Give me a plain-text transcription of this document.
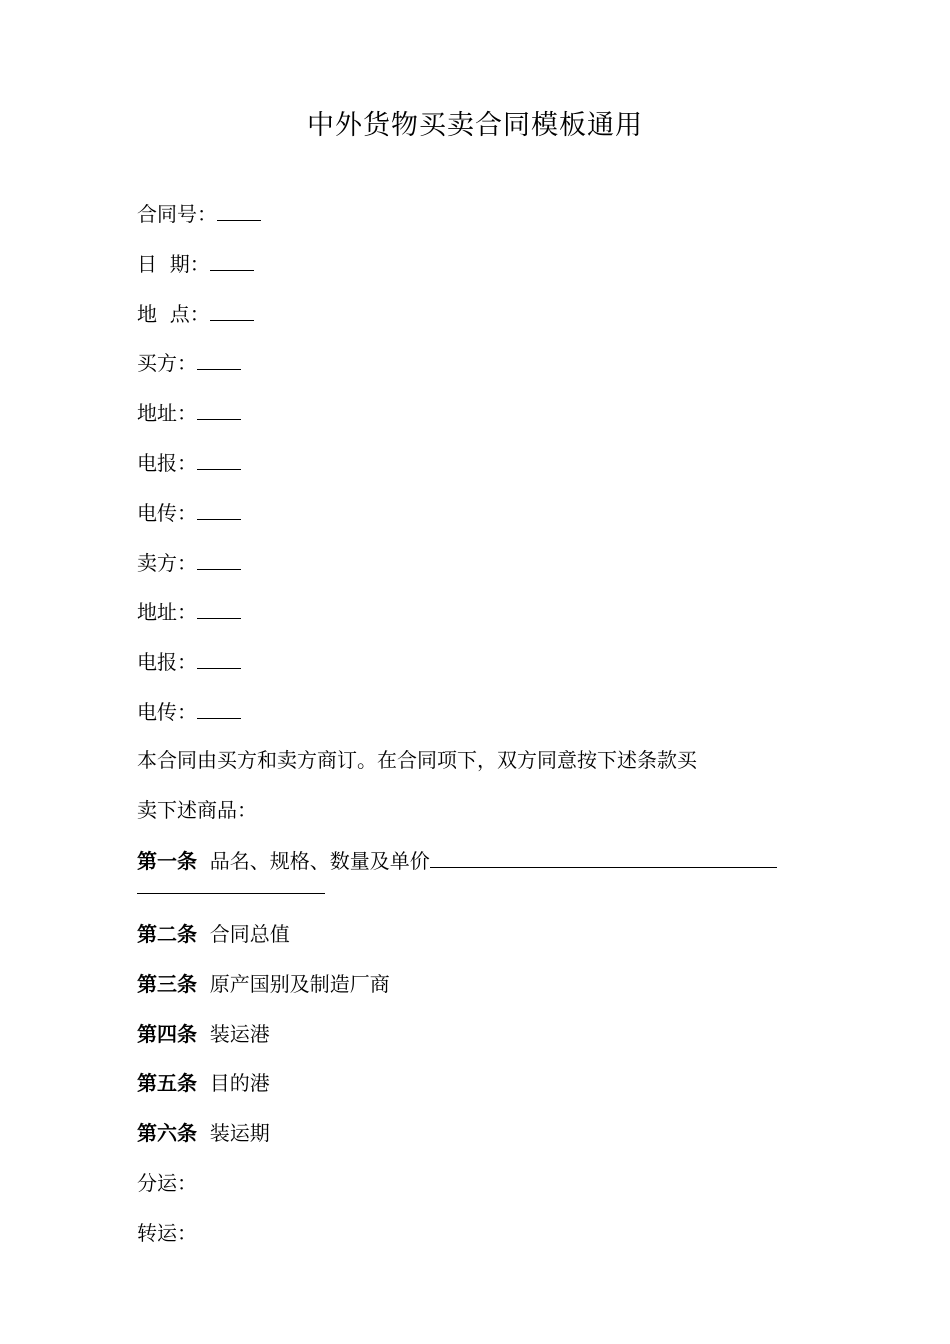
中外货物买卖合同模板通用
合同号：
日  期：
地  点：
买方：
地址：
电报：
电传：
卖方：
地址：
电报：
电传：
本合同由买方和卖方商订。在合同项下，双方同意按下述条款买
卖下述商品：
第一条 品名、规格、数量及单价
第二条 合同总值
第三条 原产国别及制造厂商
第四条 装运港
第五条 目的港
第六条 装运期
分运：
转运：
